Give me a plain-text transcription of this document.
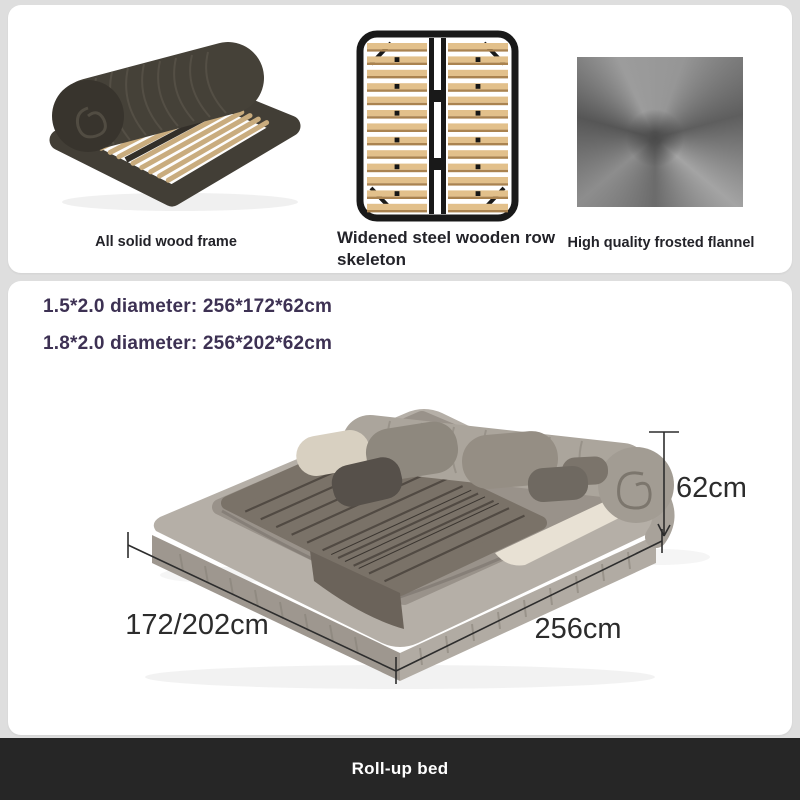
All solid wood frame	Widened steel wooden row skeleton
High quality frosted flannel
1.5*2.0 diameter: 256*172*62cm
1.8*2.0 diameter: 256*202*62cm
172/202cm	256cm
62cm
Roll-up bed
